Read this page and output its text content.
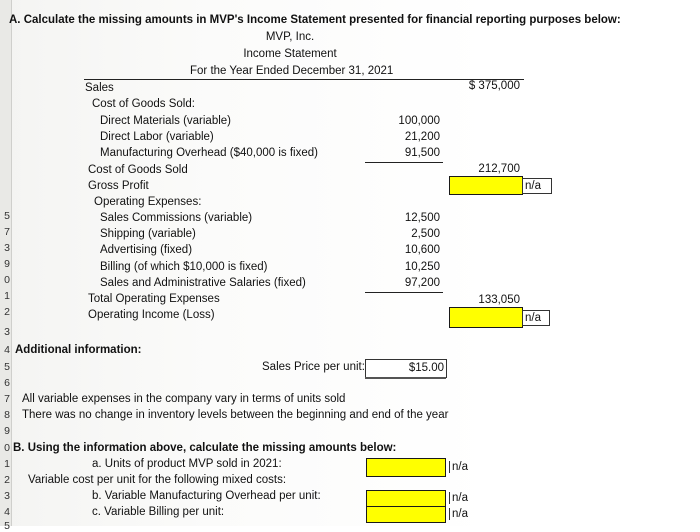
5
7
3
9
0
1
2
3
4
5
6
7
8
9
0
1
2
3
4
5
A. Calculate the missing amounts in MVP's Income Statement presented for financial reporting purposes below:
MVP, Inc.
Income Statement
For the Year Ended December 31, 2021
Sales	$ 375,000
Cost of Goods Sold:
Direct Materials (variable)	100,000
Direct Labor (variable)	21,200
Manufacturing Overhead ($40,000 is fixed)	91,500
Cost of Goods Sold	212,700
Gross Profit	n/a
Operating Expenses:
Sales Commissions (variable)	12,500
Shipping (variable)	2,500
Advertising (fixed)	10,600
Billing (of which $10,000 is fixed)	10,250
Sales and Administrative Salaries (fixed)	97,200
Total Operating Expenses	133,050
Operating Income (Loss)	n/a
Additional information:
Sales Price per unit:	$15.00
All variable expenses in the company vary in terms of units sold
There was no change in inventory levels between the beginning and end of the year
B. Using the information above, calculate the missing amounts below:
a. Units of product MVP sold in 2021:	n/a
Variable cost per unit for the following mixed costs:
b. Variable Manufacturing Overhead per unit:	n/a
c. Variable Billing per unit:	n/a
